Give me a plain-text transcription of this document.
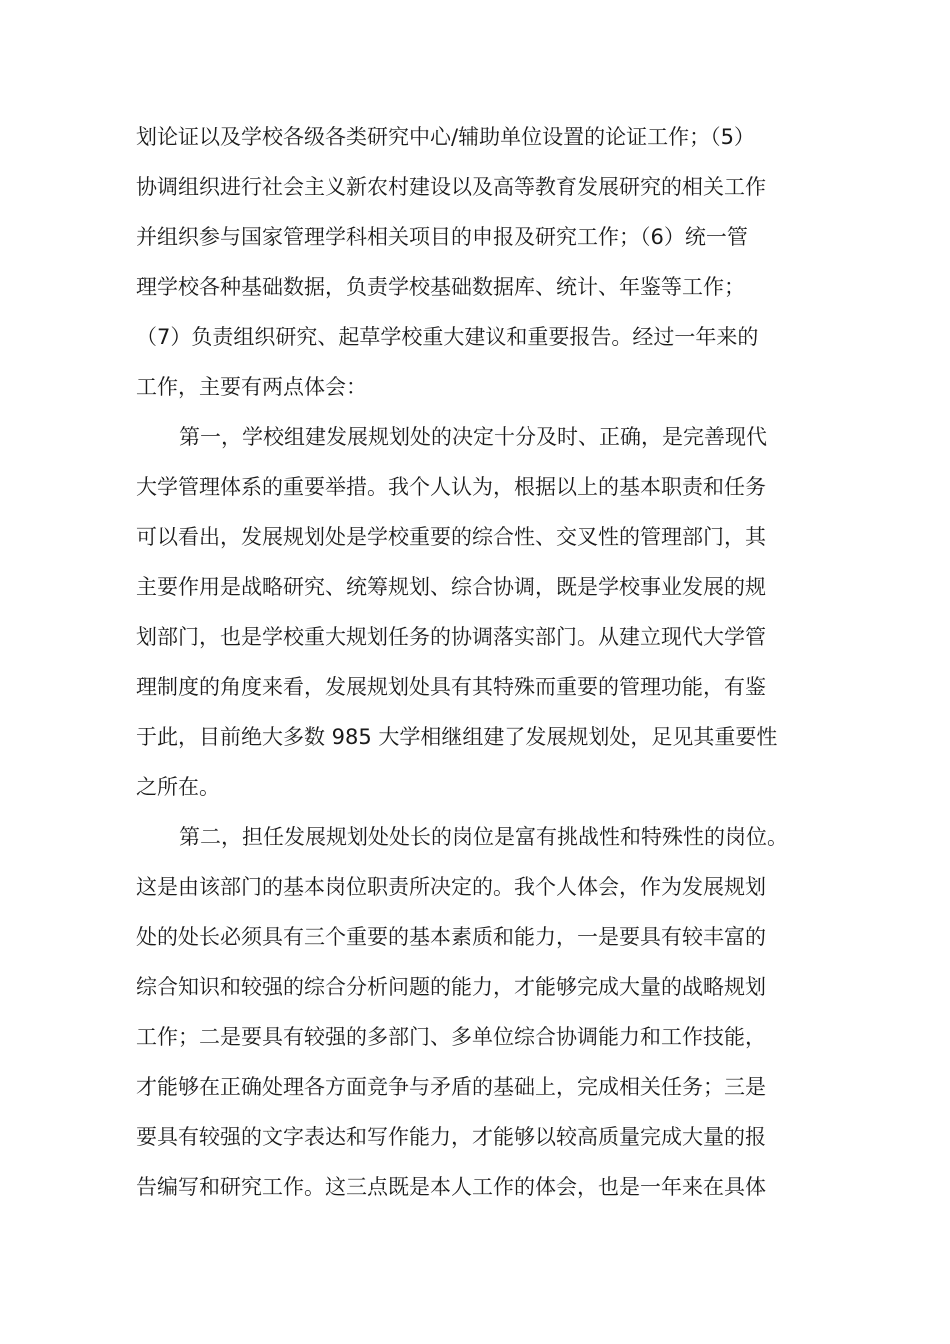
划论证以及学校各级各类研究中心/辅助单位设置的论证工作；（5）

协调组织进行社会主义新农村建设以及高等教育发展研究的相关工作

并组织参与国家管理学科相关项目的申报及研究工作；（6）统一管

理学校各种基础数据，负责学校基础数据库、统计、年鉴等工作；

（7）负责组织研究、起草学校重大建议和重要报告。经过一年来的

工作，主要有两点体会：

第一，学校组建发展规划处的决定十分及时、正确，是完善现代

大学管理体系的重要举措。我个人认为，根据以上的基本职责和任务

可以看出，发展规划处是学校重要的综合性、交叉性的管理部门，其

主要作用是战略研究、统筹规划、综合协调，既是学校事业发展的规

划部门，也是学校重大规划任务的协调落实部门。从建立现代大学管

理制度的角度来看，发展规划处具有其特殊而重要的管理功能，有鉴

于此，目前绝大多数 985 大学相继组建了发展规划处，足见其重要性

之所在。

第二，担任发展规划处处长的岗位是富有挑战性和特殊性的岗位。

这是由该部门的基本岗位职责所决定的。我个人体会，作为发展规划

处的处长必须具有三个重要的基本素质和能力，一是要具有较丰富的

综合知识和较强的综合分析问题的能力，才能够完成大量的战略规划

工作；二是要具有较强的多部门、多单位综合协调能力和工作技能，

才能够在正确处理各方面竞争与矛盾的基础上，完成相关任务；三是

要具有较强的文字表达和写作能力，才能够以较高质量完成大量的报

告编写和研究工作。这三点既是本人工作的体会，也是一年来在具体
